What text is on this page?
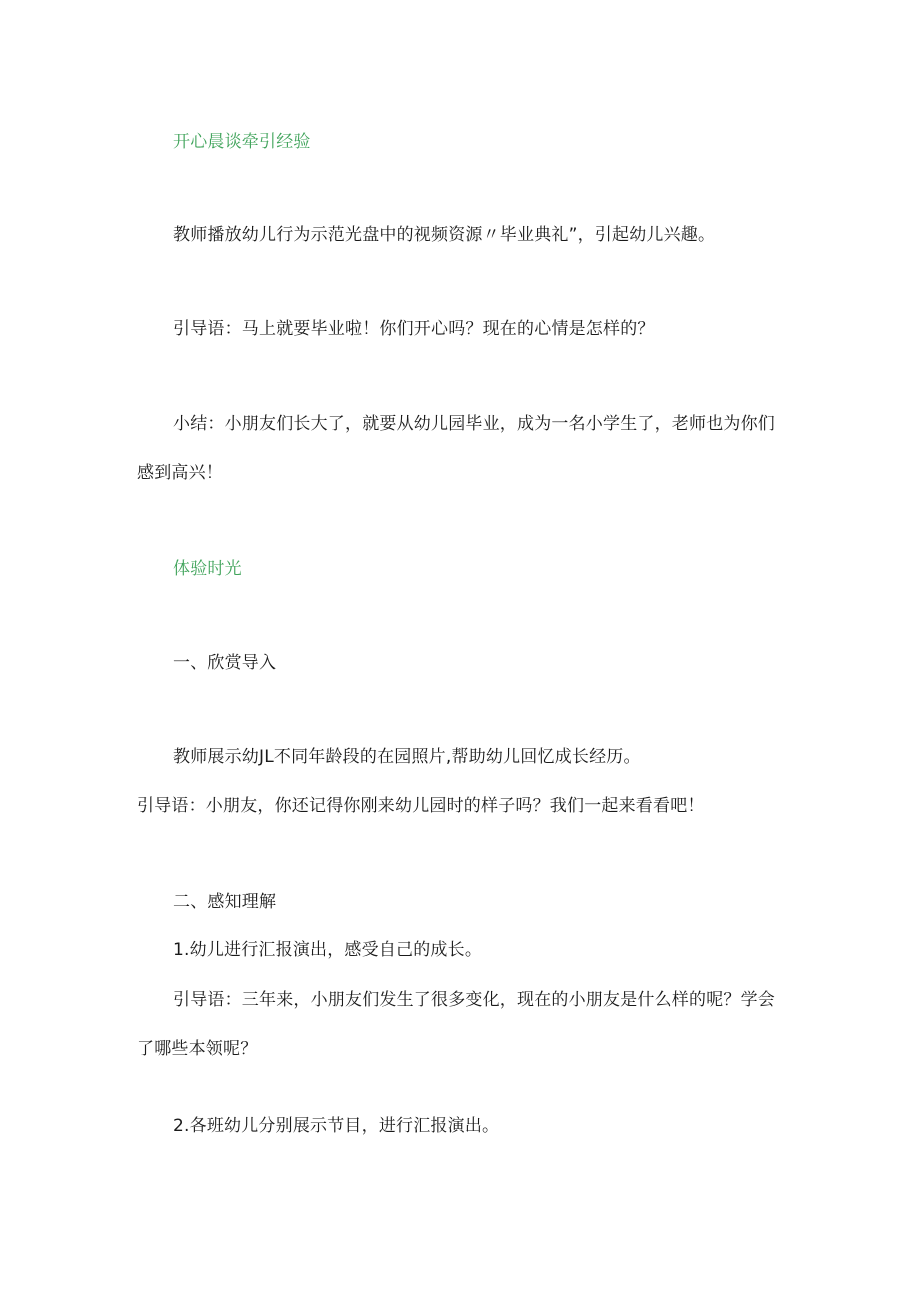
开心晨谈牵引经验
教师播放幼儿行为示范光盘中的视频资源〃毕业典礼”，引起幼儿兴趣。
引导语：马上就要毕业啦！你们开心吗？现在的心情是怎样的？
小结：小朋友们长大了，就要从幼儿园毕业，成为一名小学生了，老师也为你们
感到高兴！
体验时光
一、欣赏导入
教师展示幼JL不同年龄段的在园照片,帮助幼儿回忆成长经历。
引导语：小朋友，你还记得你刚来幼儿园时的样子吗？我们一起来看看吧！
二、感知理解
1.幼儿进行汇报演出，感受自己的成长。
引导语：三年来，小朋友们发生了很多变化，现在的小朋友是什么样的呢？学会
了哪些本领呢？
2.各班幼儿分别展示节目，进行汇报演出。
